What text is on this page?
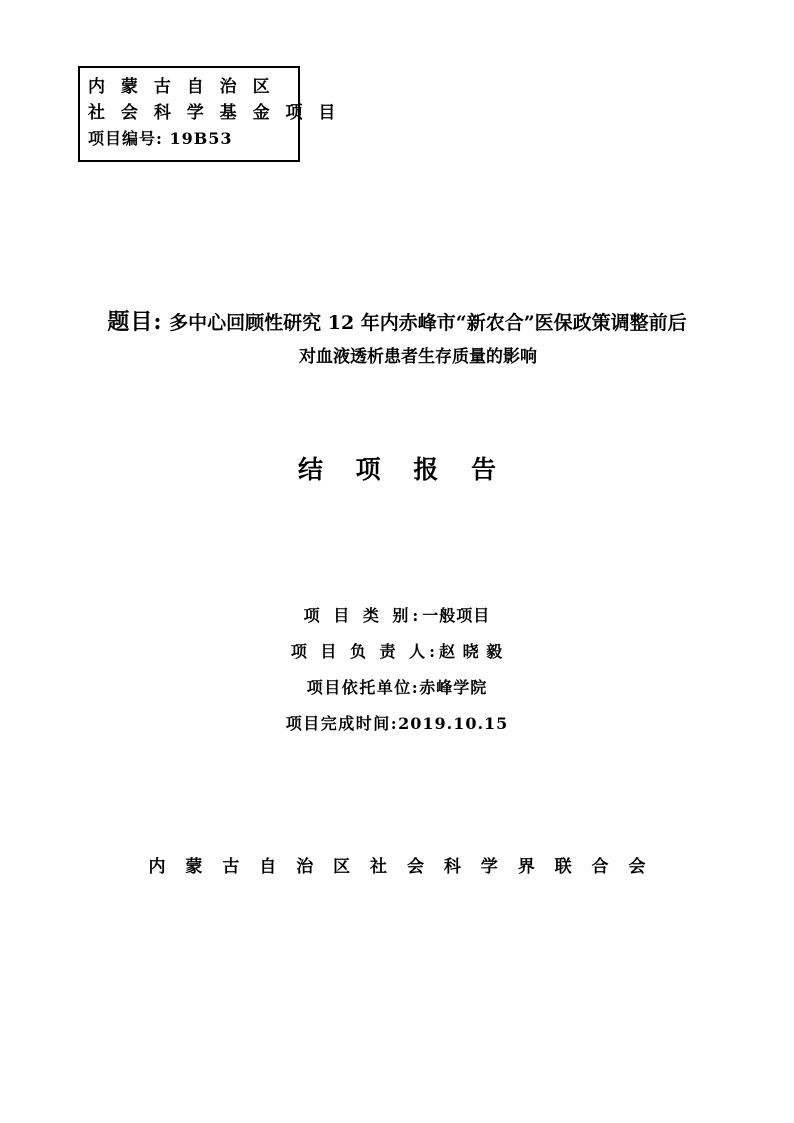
内 蒙 古 自 治 区
社 会 科 学 基 金 项 目
项目编号: 19B53
题目: 多中心回顾性研究 12 年内赤峰市“新农合”医保政策调整前后
对血液透析患者生存质量的影响
结 项 报 告
项 目 类 别:一般项目
项 目 负 责 人:赵 晓 毅
项目依托单位:赤峰学院
项目完成时间:2019.10.15
内 蒙 古 自 治 区 社 会 科 学 界 联 合 会
